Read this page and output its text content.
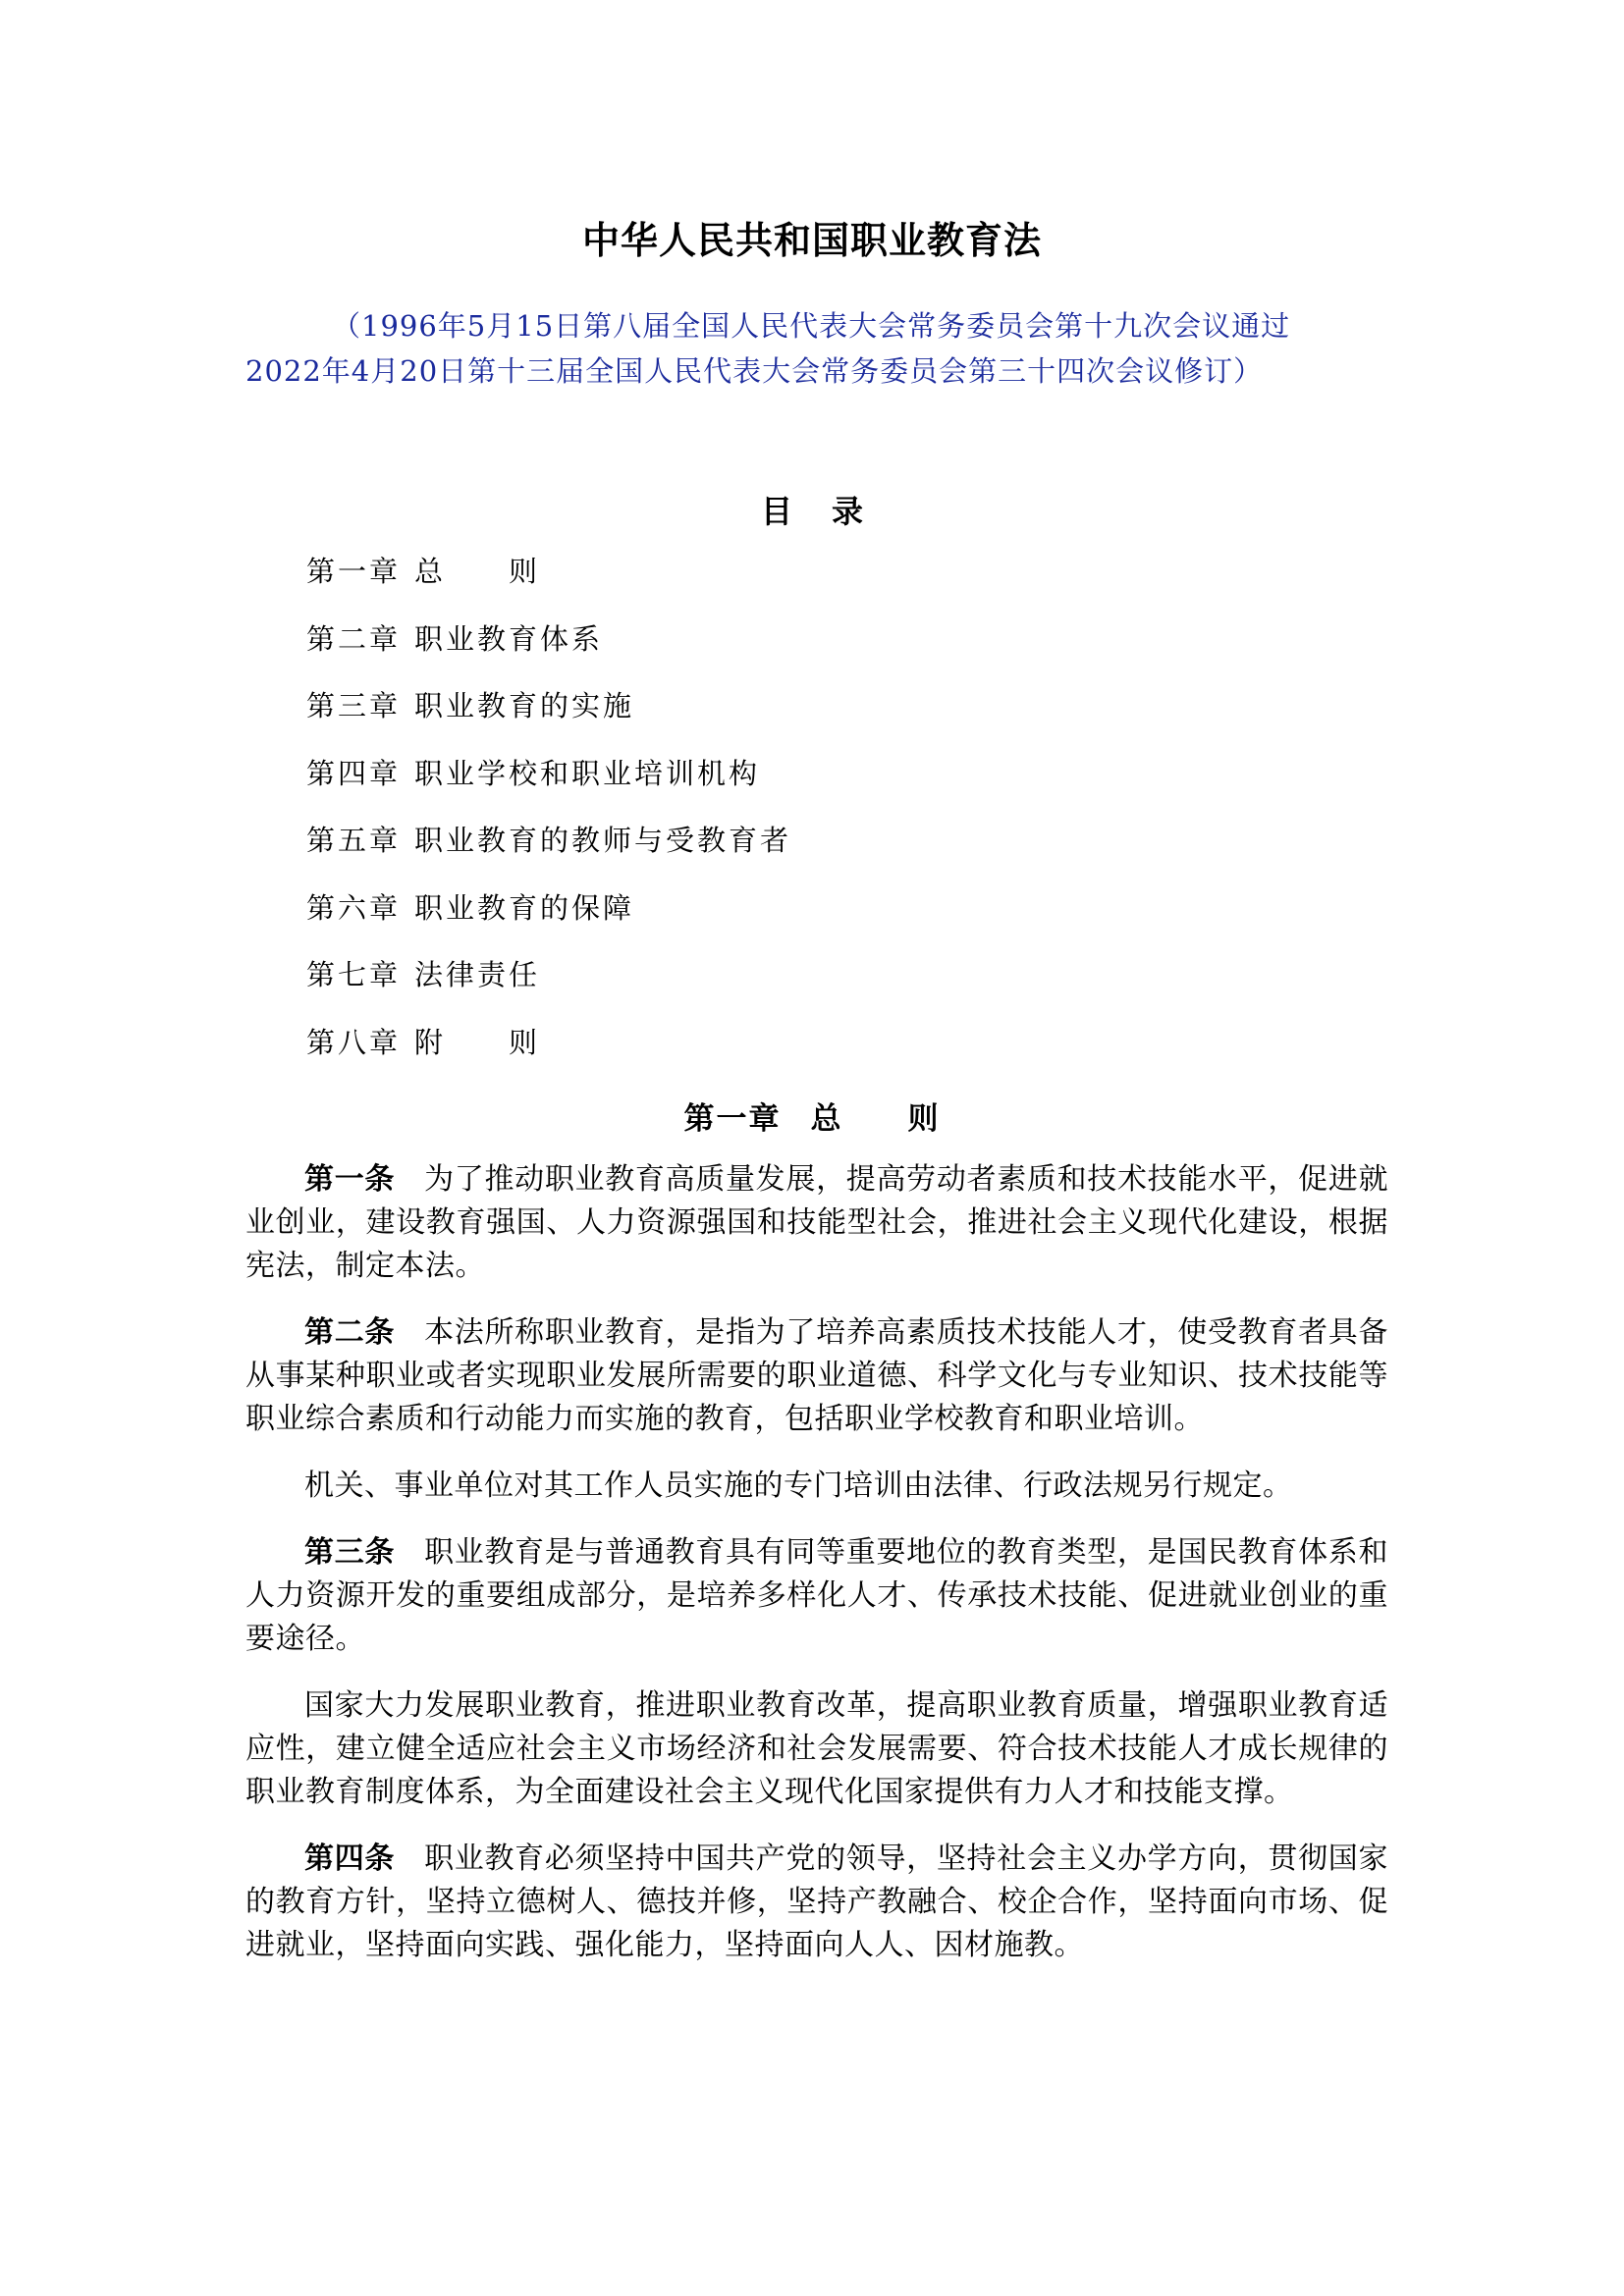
中华人民共和国职业教育法
（1996年5月15日第八届全国人民代表大会常务委员会第十九次会议通过
2022年4月20日第十三届全国人民代表大会常务委员会第三十四次会议修订）
目录
第一章 总　　则
第二章 职业教育体系
第三章 职业教育的实施
第四章 职业学校和职业培训机构
第五章 职业教育的教师与受教育者
第六章 职业教育的保障
第七章 法律责任
第八章 附　　则
第一章 总　　则

第一条 为了推动职业教育高质量发展，提高劳动者素质和技术技能水平，促进就业创业，建设教育强国、人力资源强国和技能型社会，推进社会主义现代化建设，根据宪法，制定本法。

第二条 本法所称职业教育，是指为了培养高素质技术技能人才，使受教育者具备从事某种职业或者实现职业发展所需要的职业道德、科学文化与专业知识、技术技能等职业综合素质和行动能力而实施的教育，包括职业学校教育和职业培训。

机关、事业单位对其工作人员实施的专门培训由法律、行政法规另行规定。

第三条 职业教育是与普通教育具有同等重要地位的教育类型，是国民教育体系和人力资源开发的重要组成部分，是培养多样化人才、传承技术技能、促进就业创业的重要途径。

国家大力发展职业教育，推进职业教育改革，提高职业教育质量，增强职业教育适应性，建立健全适应社会主义市场经济和社会发展需要、符合技术技能人才成长规律的职业教育制度体系，为全面建设社会主义现代化国家提供有力人才和技能支撑。

第四条 职业教育必须坚持中国共产党的领导，坚持社会主义办学方向，贯彻国家的教育方针，坚持立德树人、德技并修，坚持产教融合、校企合作，坚持面向市场、促进就业，坚持面向实践、强化能力，坚持面向人人、因材施教。
